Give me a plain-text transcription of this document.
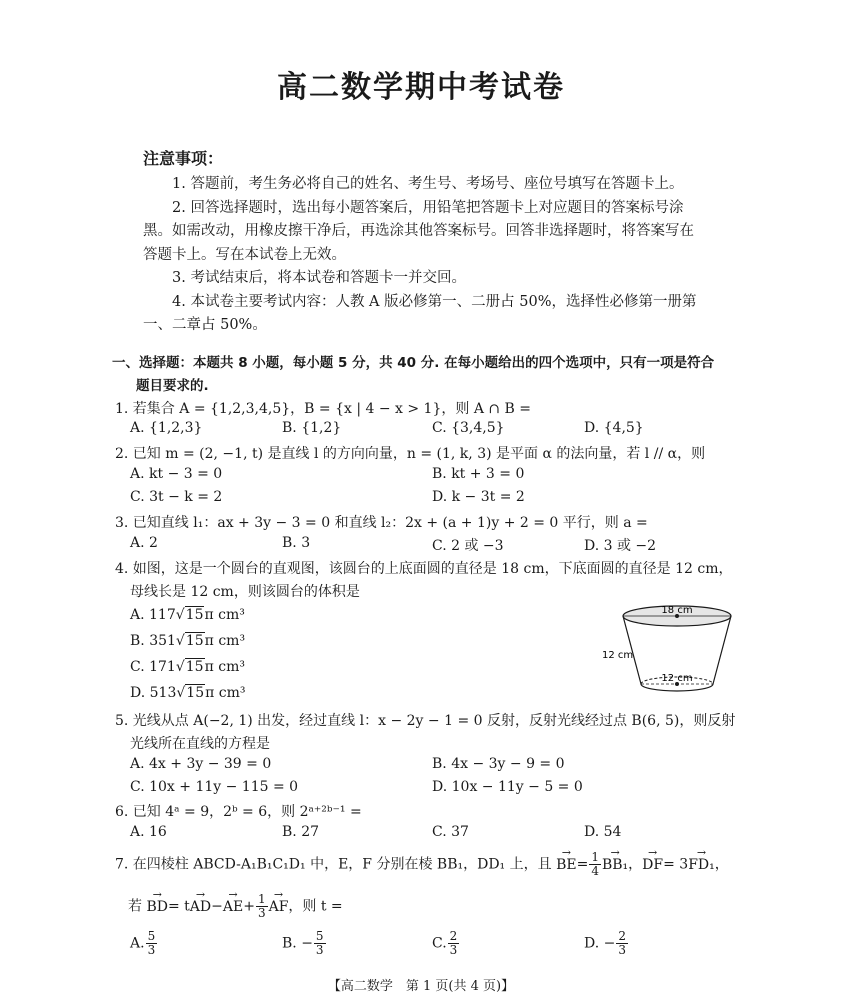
高二数学期中考试卷
注意事项：
1. 答题前，考生务必将自己的姓名、考生号、考场号、座位号填写在答题卡上。
2. 回答选择题时，选出每小题答案后，用铅笔把答题卡上对应题目的答案标号涂
黑。如需改动，用橡皮擦干净后，再选涂其他答案标号。回答非选择题时，将答案写在
答题卡上。写在本试卷上无效。
3. 考试结束后，将本试卷和答题卡一并交回。
4. 本试卷主要考试内容：人教 A 版必修第一、二册占 50%，选择性必修第一册第
一、二章占 50%。
一、选择题：本题共 8 小题，每小题 5 分，共 40 分. 在每小题给出的四个选项中，只有一项是符合
题目要求的.
1. 若集合 A = {1,2,3,4,5}，B = {x | 4 − x > 1}，则 A ∩ B =
A. {1,2,3}	B. {1,2}	C. {3,4,5}	D. {4,5}
2. 已知 m = (2, −1, t) 是直线 l 的方向向量，n = (1, k, 3) 是平面 α 的法向量，若 l // α，则
A. kt − 3 = 0	B. kt + 3 = 0
C. 3t − k = 2	D. k − 3t = 2
3. 已知直线 l₁：ax + 3y − 3 = 0 和直线 l₂：2x + (a + 1)y + 2 = 0 平行，则 a =
A. 2	B. 3	C. 2 或 −3	D. 3 或 −2
4. 如图，这是一个圆台的直观图，该圆台的上底面圆的直径是 18 cm，下底面圆的直径是 12 cm，
母线长是 12 cm，则该圆台的体积是
A. 117√15π cm³
B. 351√15π cm³
C. 171√15π cm³
D. 513√15π cm³
18 cm
12 cm
12 cm
5. 光线从点 A(−2, 1) 出发，经过直线 l：x − 2y − 1 = 0 反射，反射光线经过点 B(6, 5)，则反射
光线所在直线的方程是
A. 4x + 3y − 39 = 0	B. 4x − 3y − 9 = 0
C. 10x + 11y − 115 = 0	D. 10x − 11y − 5 = 0
6. 已知 4ᵃ = 9，2ᵇ = 6，则 2ᵃ⁺²ᵇ⁻¹ =
A. 16	B. 27	C. 37	D. 54
7. 在四棱柱 ABCD-A₁B₁C₁D₁ 中，E，F 分别在棱 BB₁，DD₁ 上，且 → $BE= \frac{1}{4}$
→ BB₁，→ DF= 3→ FD₁，
若 → $BD= t\to AD-\to AE+ \frac{1}{3}$
→ AF，则 t =
A. $\frac{5}{3}$	B. − $\frac{5}{3}$	C. $\frac{2}{3}$	D. − $\frac{2}{3}$
【高二数学　第 1 页(共 4 页)】
